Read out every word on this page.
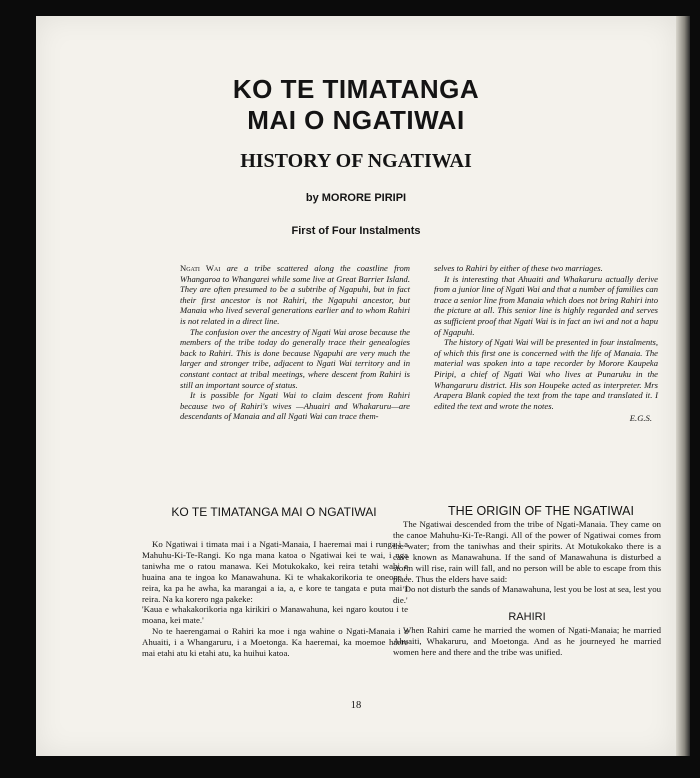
KO TE TIMATANGA
MAI O NGATIWAI
HISTORY OF NGATIWAI
by MORORE PIRIPI
First of Four Instalments

Ngati Wai are a tribe scattered along the coastline from Whangaroa to Whangarei while some live at Great Barrier Island. They are often presumed to be a subtribe of Ngapuhi, but in fact their first ancestor is not Rahiri, the Ngapuhi ancestor, but Manaia who lived several generations earlier and to whom Rahiri is not related in a direct line.

The confusion over the ancestry of Ngati Wai arose because the members of the tribe today do generally trace their genealogies back to Rahiri. This is done because Ngapuhi are very much the larger and stronger tribe, adjacent to Ngati Wai territory and in constant contact at tribal meetings, where descent from Rahiri is still an important source of status.

It is possible for Ngati Wai to claim descent from Rahiri because two of Rahiri's wives —Ahuairi and Whakaruru—are descendants of Manaia and all Ngati Wai can trace them-

selves to Rahiri by either of these two marriages.

It is interesting that Ahuaiti and Whakaruru actually derive from a junior line of Ngati Wai and that a number of families can trace a senior line from Manaia which does not bring Rahiri into the picture at all. This senior line is highly regarded and serves as sufficient proof that Ngati Wai is in fact an iwi and not a hapu of Ngapuhi.

The history of Ngati Wai will be presented in four instalments, of which this first one is concerned with the life of Manaia. The material was spoken into a tape recorder by Morore Kaupeka Piripi, a chief of Ngati Wai who lives at Punaruku in the Whangaruru district. His son Houpeke acted as interpreter. Mrs Arapera Blank copied the text from the tape and translated it. I edited the text and wrote the notes.

E.G.S.
KO TE TIMATANGA MAI O NGATIWAI

Ko Ngatiwai i timata mai i a Ngati-Manaia, I haeremai mai i runga i a Mahuhu-Ki-Te-Rangi. Ko nga mana katoa o Ngatiwai kei te wai, i nga taniwha me o ratou manawa. Kei Motukokako, kei reira tetahi wahi e huaina ana te ingoa ko Manawahuna. Ki te whakakorikoria te oneone i reira, ka pa he awha, ka marangai a ia, a, e kore te tangata e puta mai i reira. Na ka korero nga pakeke:

'Kaua e whakakorikoria nga kirikiri o Manawahuna, kei ngaro koutou i te moana, kei mate.'

No te haerengamai o Rahiri ka moe i nga wahine o Ngati-Manaia i a Ahuaiti, i a Whangaruru, i a Moetonga. Ka haeremai, ka moemoe haere mai etahi atu ki etahi atu, ka huihui katoa.

THE ORIGIN OF THE NGATIWAI

The Ngatiwai descended from the tribe of Ngati-Manaia. They came on the canoe Mahuhu-Ki-Te-Rangi. All of the power of Ngatiwai comes from the water; from the taniwhas and their spirits. At Motukokako there is a cave known as Manawahuna. If the sand of Manawahuna is disturbed a storm will rise, rain will fall, and no person will be able to escape from this place. Thus the elders have said:

'Do not disturb the sands of Manawahuna, lest you be lost at sea, lest you die.'

RAHIRI

When Rahiri came he married the women of Ngati-Manaia; he married Ahuaiti, Whakaruru, and Moetonga. And as he journeyed he married women here and there and the tribe was unified.

18
